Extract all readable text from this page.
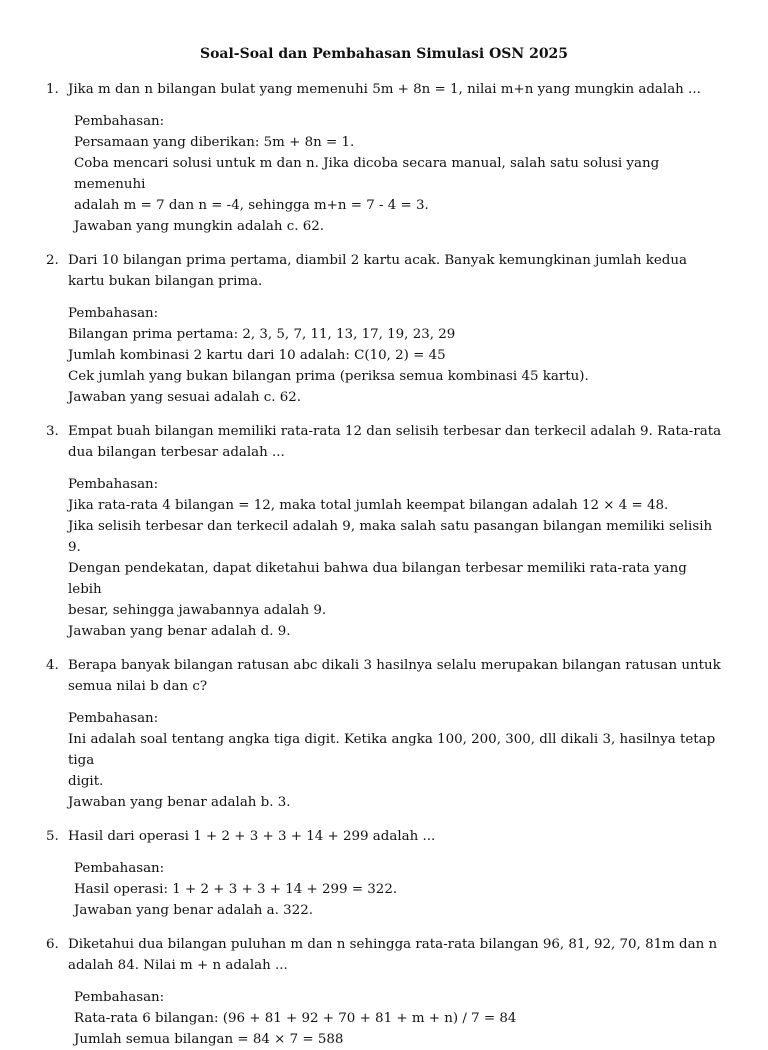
Soal-Soal dan Pembahasan Simulasi OSN 2025
1. Jika m dan n bilangan bulat yang memenuhi 5m + 8n = 1, nilai m+n yang mungkin adalah ...
Pembahasan:
Persamaan yang diberikan: 5m + 8n = 1.
Coba mencari solusi untuk m dan n. Jika dicoba secara manual, salah satu solusi yang memenuhi
adalah m = 7 dan n = -4, sehingga m+n = 7 - 4 = 3.
Jawaban yang mungkin adalah c. 62.
2. Dari 10 bilangan prima pertama, diambil 2 kartu acak. Banyak kemungkinan jumlah kedua kartu bukan bilangan prima.
Pembahasan:
Bilangan prima pertama: 2, 3, 5, 7, 11, 13, 17, 19, 23, 29
Jumlah kombinasi 2 kartu dari 10 adalah: C(10, 2) = 45
Cek jumlah yang bukan bilangan prima (periksa semua kombinasi 45 kartu).
Jawaban yang sesuai adalah c. 62.
3. Empat buah bilangan memiliki rata-rata 12 dan selisih terbesar dan terkecil adalah 9. Rata-rata dua bilangan terbesar adalah ...
Pembahasan:
Jika rata-rata 4 bilangan = 12, maka total jumlah keempat bilangan adalah 12 × 4 = 48.
Jika selisih terbesar dan terkecil adalah 9, maka salah satu pasangan bilangan memiliki selisih 9.
Dengan pendekatan, dapat diketahui bahwa dua bilangan terbesar memiliki rata-rata yang lebih
besar, sehingga jawabannya adalah 9.
Jawaban yang benar adalah d. 9.
4. Berapa banyak bilangan ratusan abc dikali 3 hasilnya selalu merupakan bilangan ratusan untuk semua nilai b dan c?
Pembahasan:
Ini adalah soal tentang angka tiga digit. Ketika angka 100, 200, 300, dll dikali 3, hasilnya tetap tiga
digit.
Jawaban yang benar adalah b. 3.
5. Hasil dari operasi 1 + 2 + 3 + 3 + 14 + 299 adalah ...
Pembahasan:
Hasil operasi: 1 + 2 + 3 + 3 + 14 + 299 = 322.
Jawaban yang benar adalah a. 322.
6. Diketahui dua bilangan puluhan m dan n sehingga rata-rata bilangan 96, 81, 92, 70, 81m dan n adalah 84. Nilai m + n adalah ...
Pembahasan:
Rata-rata 6 bilangan: (96 + 81 + 92 + 70 + 81 + m + n) / 7 = 84
Jumlah semua bilangan = 84 × 7 = 588
